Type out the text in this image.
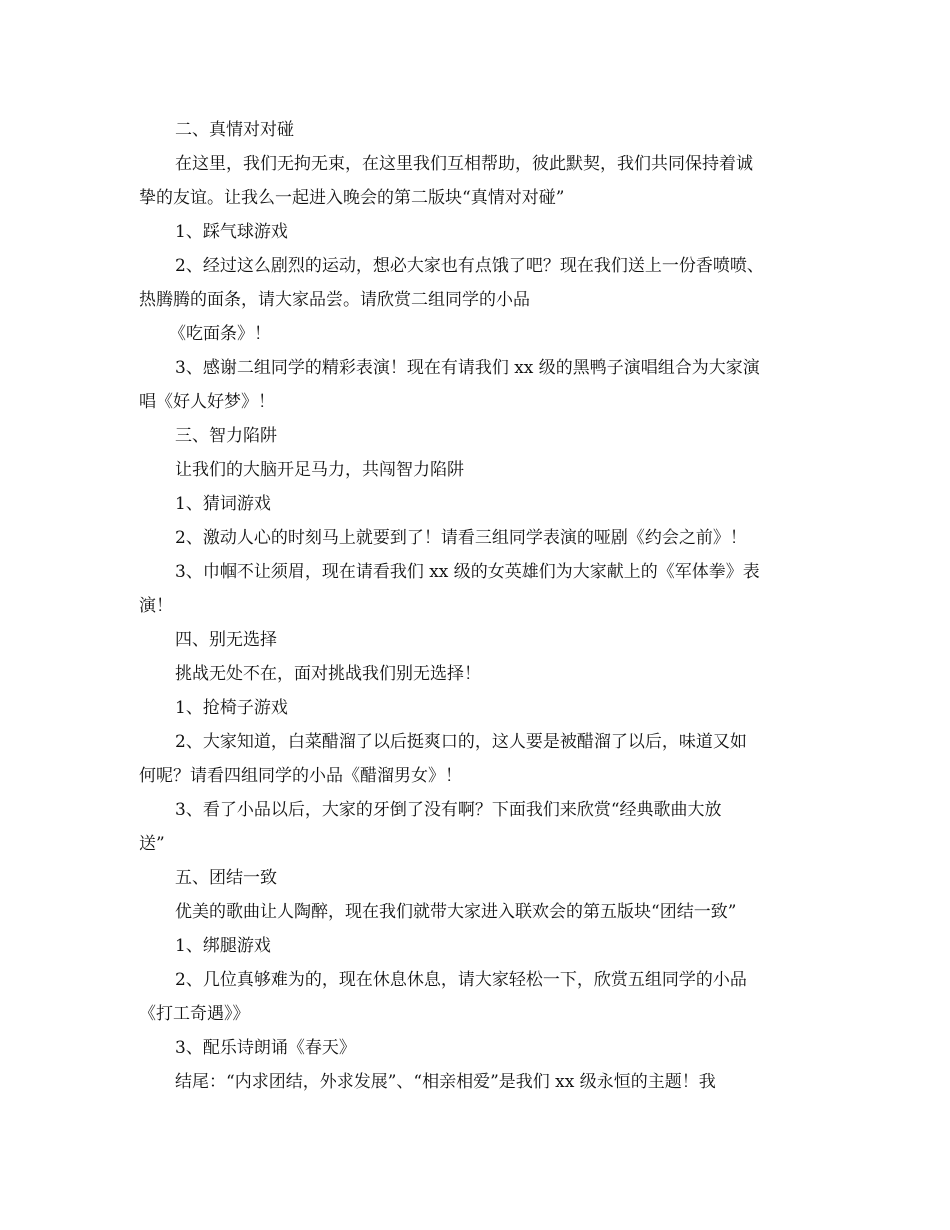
二、真情对对碰
在这里，我们无拘无束，在这里我们互相帮助，彼此默契，我们共同保持着诚
挚的友谊。让我么一起进入晚会的第二版块“真情对对碰”
1、踩气球游戏
2、经过这么剧烈的运动，想必大家也有点饿了吧？现在我们送上一份香喷喷、
热腾腾的面条，请大家品尝。请欣赏二组同学的小品
《吃面条》！
3、感谢二组同学的精彩表演！现在有请我们 xx 级的黑鸭子演唱组合为大家演
唱《好人好梦》！
三、智力陷阱
让我们的大脑开足马力，共闯智力陷阱
1、猜词游戏
2、激动人心的时刻马上就要到了！请看三组同学表演的哑剧《约会之前》！
3、巾帼不让须眉，现在请看我们 xx 级的女英雄们为大家献上的《军体拳》表
演！
四、别无选择
挑战无处不在，面对挑战我们别无选择！
1、抢椅子游戏
2、大家知道，白菜醋溜了以后挺爽口的，这人要是被醋溜了以后，味道又如
何呢？请看四组同学的小品《醋溜男女》！
3、看了小品以后，大家的牙倒了没有啊？下面我们来欣赏“经典歌曲大放
送”
五、团结一致
优美的歌曲让人陶醉，现在我们就带大家进入联欢会的第五版块“团结一致”
1、绑腿游戏
2、几位真够难为的，现在休息休息，请大家轻松一下，欣赏五组同学的小品
《打工奇遇》》
3、配乐诗朗诵《春天》
结尾：“内求团结，外求发展”、“相亲相爱”是我们 xx 级永恒的主题！我
